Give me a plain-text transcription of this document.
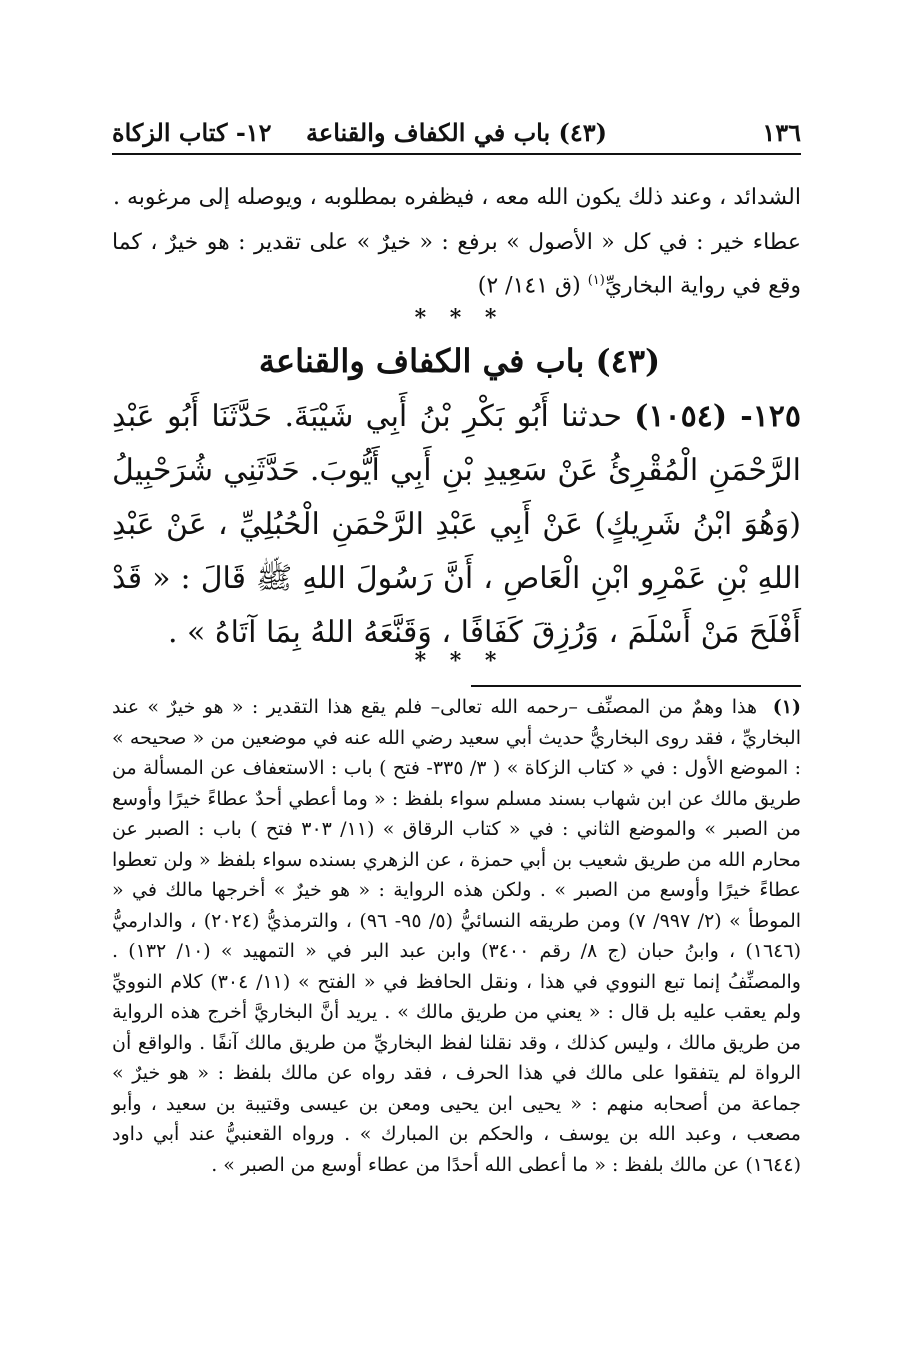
١٣٦
(٤٣) باب في الكفاف والقناعة
١٢- كتاب الزكاة
الشدائد ، وعند ذلك يكون الله معه ، فيظفره بمطلوبه ، ويوصله إلى مرغوبه .
عطاء خير : في كل « الأصول » برفع : « خيرٌ » على تقدير : هو خيرٌ ، كما وقع في رواية البخاريِّ$^{(١)}$ (ق ١٤١/ ٢)
* * *
(٤٣) باب في الكفاف والقناعة
١٢٥- (١٠٥٤) حدثنا أَبُو بَكْرِ بْنُ أَبِي شَيْبَةَ. حَدَّثَنَا أَبُو عَبْدِ الرَّحْمَنِ الْمُقْرِئُ عَنْ سَعِيدِ بْنِ أَبِي أَيُّوبَ. حَدَّثَنِي شُرَحْبِيلُ (وَهُوَ ابْنُ شَرِيكٍ) عَنْ أَبِي عَبْدِ الرَّحْمَنِ الْحُبُلِيِّ ، عَنْ عَبْدِ اللهِ بْنِ عَمْرِو ابْنِ الْعَاصِ ، أَنَّ رَسُولَ اللهِ ﷺ قَالَ : « قَدْ أَفْلَحَ مَنْ أَسْلَمَ ، وَرُزِقَ كَفَافًا ، وَقَنَّعَهُ اللهُ بِمَا آتَاهُ » .
* * *
(١)هذا وهمٌ من المصنِّف –رحمه الله تعالى– فلم يقع هذا التقدير : « هو خيرٌ » عند البخاريِّ ، فقد روى البخاريُّ حديث أبي سعيد رضي الله عنه في موضعين من « صحيحه » : الموضع الأول : في « كتاب الزكاة » ( ٣/ ٣٣٥- فتح ) باب : الاستعفاف عن المسألة من طريق مالك عن ابن شهاب بسند مسلم سواء بلفظ : « وما أعطي أحدٌ عطاءً خيرًا وأوسع من الصبر » والموضع الثاني : في « كتاب الرقاق » (١١/ ٣٠٣ فتح ) باب : الصبر عن محارم الله من طريق شعيب بن أبي حمزة ، عن الزهري بسنده سواء بلفظ « ولن تعطوا عطاءً خيرًا وأوسع من الصبر » . ولكن هذه الرواية : « هو خيرٌ » أخرجها مالك في « الموطأ » (٢/ ٩٩٧/ ٧) ومن طريقه النسائيُّ (٥/ ٩٥- ٩٦) ، والترمذيُّ (٢٠٢٤) ، والدارميُّ (١٦٤٦) ، وابنُ حبان (ج ٨/ رقم ٣٤٠٠) وابن عبد البر في « التمهيد » (١٠/ ١٣٢) . والمصنِّفُ إنما تبع النووي في هذا ، ونقل الحافظ في « الفتح » (١١/ ٣٠٤) كلام النوويِّ ولم يعقب عليه بل قال : « يعني من طريق مالك » . يريد أنَّ البخاريَّ أخرج هذه الرواية من طريق مالك ، وليس كذلك ، وقد نقلنا لفظ البخاريِّ من طريق مالك آنفًا . والواقع أن الرواة لم يتفقوا على مالك في هذا الحرف ، فقد رواه عن مالك بلفظ : « هو خيرٌ » جماعة من أصحابه منهم : « يحيى ابن يحيى ومعن بن عيسى وقتيبة بن سعيد ، وأبو مصعب ، وعبد الله بن يوسف ، والحكم بن المبارك » . ورواه القعنبيُّ عند أبي داود (١٦٤٤) عن مالك بلفظ : « ما أعطى الله أحدًا من عطاء أوسع من الصبر » .
